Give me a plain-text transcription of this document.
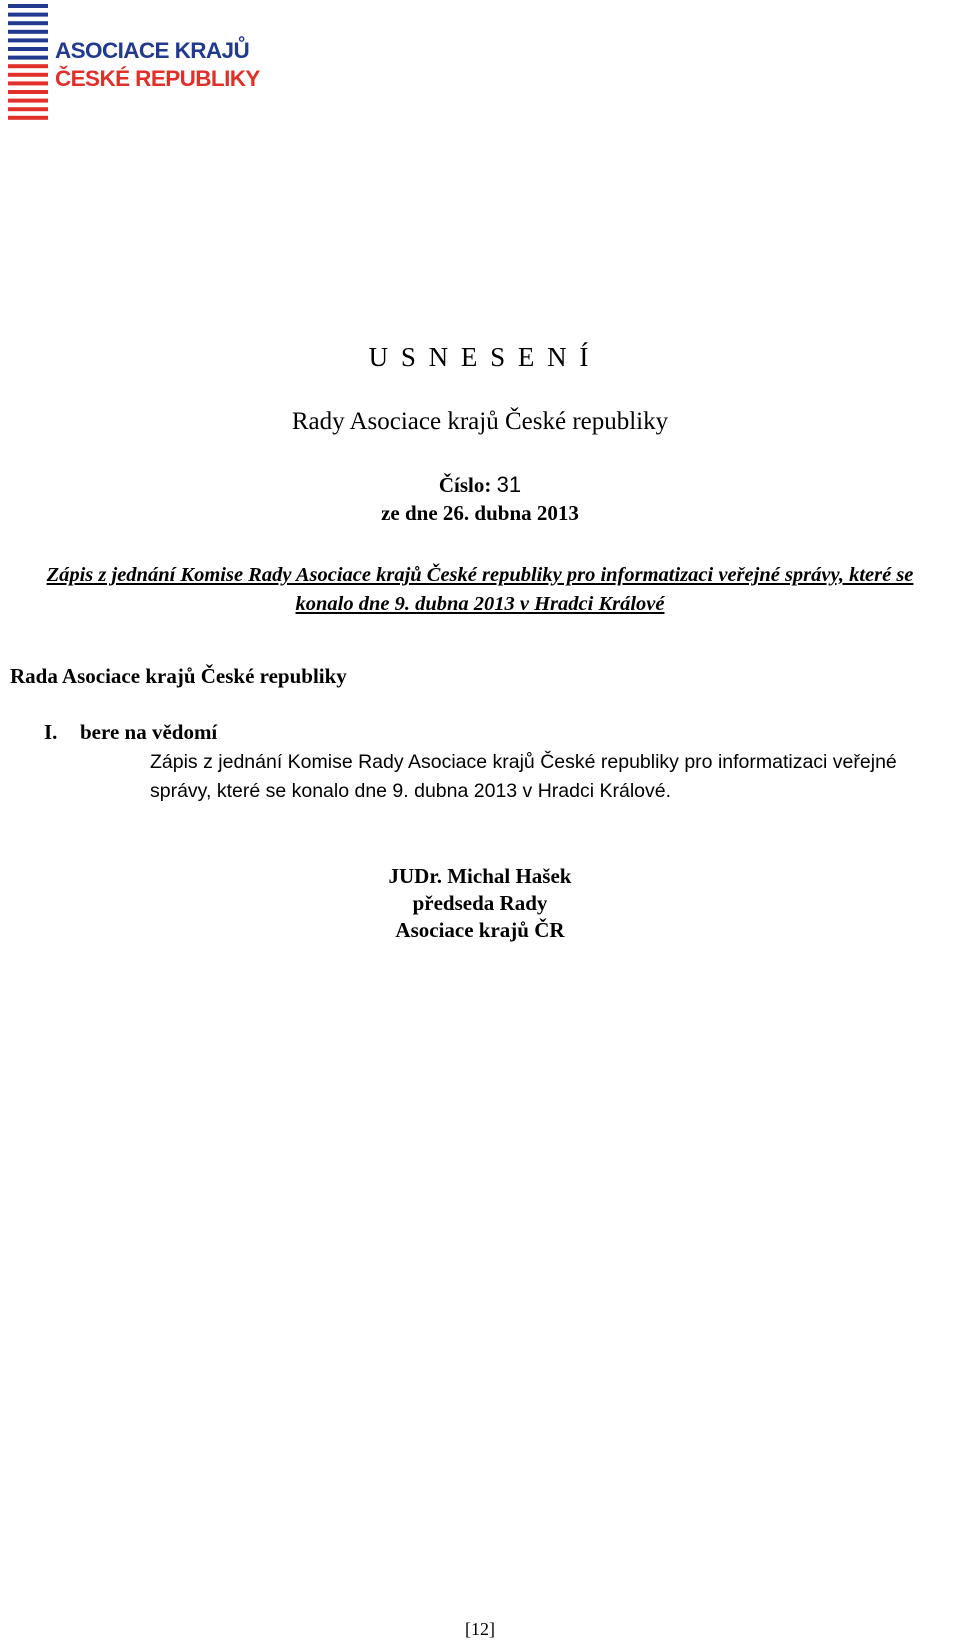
ASOCIACE KRAJŮ
ČESKÉ REPUBLIKY
U S N E S E N Í
Rady Asociace krajů České republiky
Číslo: 31
ze dne 26. dubna 2013
Zápis z jednání Komise Rady Asociace krajů České republiky pro informatizaci veřejné správy, které se konalo dne 9. dubna 2013 v Hradci Králové
Rada Asociace krajů České republiky
I. bere na vědomí
Zápis z jednání Komise Rady Asociace krajů České republiky pro informatizaci veřejné správy, které se konalo dne 9. dubna 2013 v Hradci Králové.
JUDr. Michal Hašek
předseda Rady
Asociace krajů ČR
[12]
